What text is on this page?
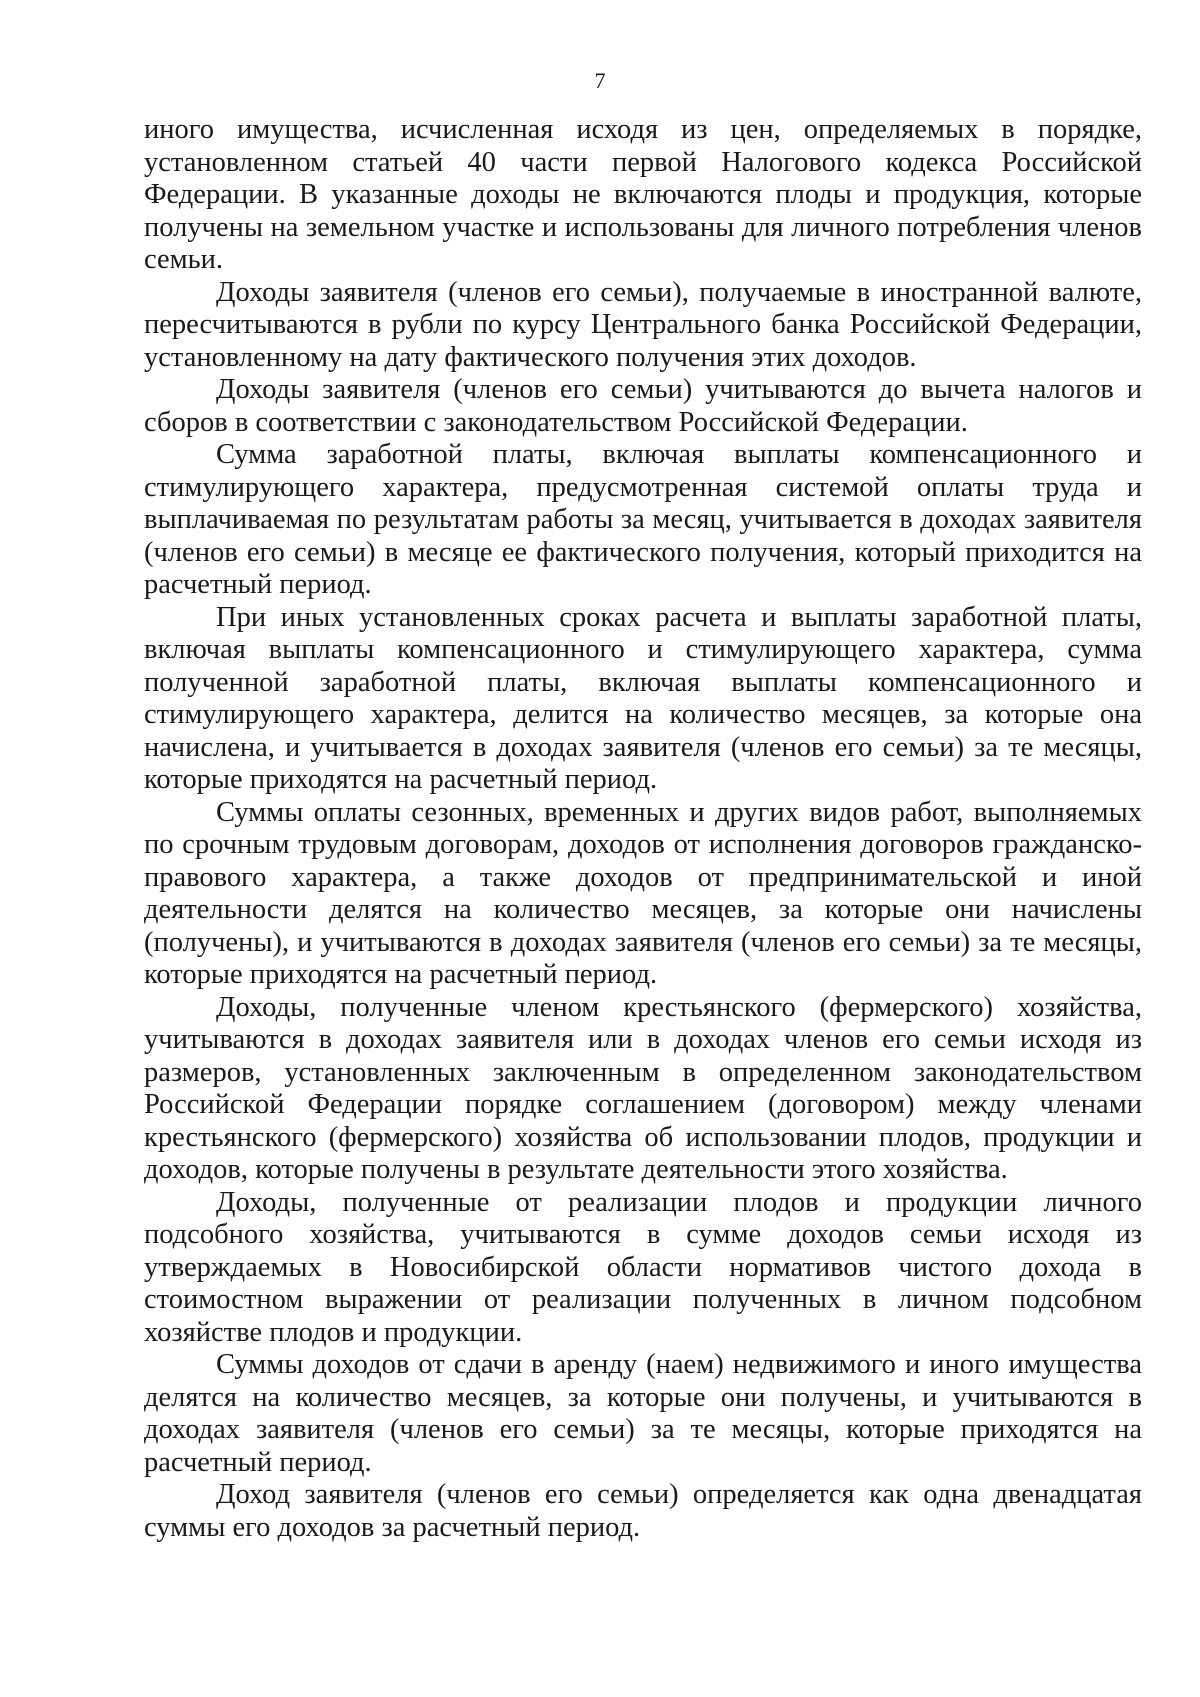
7

иного имущества, исчисленная исходя из цен, определяемых в порядке, установленном статьей 40 части первой Налогового кодекса Российской Федерации. В указанные доходы не включаются плоды и продукция, которые получены на земельном участке и использованы для личного потребления членов семьи.

Доходы заявителя (членов его семьи), получаемые в иностранной валюте, пересчитываются в рубли по курсу Центрального банка Российской Федерации, установленному на дату фактического получения этих доходов.

Доходы заявителя (членов его семьи) учитываются до вычета налогов и сборов в соответствии с законодательством Российской Федерации.

Сумма заработной платы, включая выплаты компенсационного и стимулирующего характера, предусмотренная системой оплаты труда и выплачиваемая по результатам работы за месяц, учитывается в доходах заявителя (членов его семьи) в месяце ее фактического получения, который приходится на расчетный период.

При иных установленных сроках расчета и выплаты заработной платы, включая выплаты компенсационного и стимулирующего характера, сумма полученной заработной платы, включая выплаты компенсационного и стимулирующего характера, делится на количество месяцев, за которые она начислена, и учитывается в доходах заявителя (членов его семьи) за те месяцы, которые приходятся на расчетный период.

Суммы оплаты сезонных, временных и других видов работ, выполняемых по срочным трудовым договорам, доходов от исполнения договоров гражданско-правового характера, а также доходов от предпринимательской и иной деятельности делятся на количество месяцев, за которые они начислены (получены), и учитываются в доходах заявителя (членов его семьи) за те месяцы, которые приходятся на расчетный период.

Доходы, полученные членом крестьянского (фермерского) хозяйства, учитываются в доходах заявителя или в доходах членов его семьи исходя из размеров, установленных заключенным в определенном законодательством Российской Федерации порядке соглашением (договором) между членами крестьянского (фермерского) хозяйства об использовании плодов, продукции и доходов, которые получены в результате деятельности этого хозяйства.

Доходы, полученные от реализации плодов и продукции личного подсобного хозяйства, учитываются в сумме доходов семьи исходя из утверждаемых в Новосибирской области нормативов чистого дохода в стоимостном выражении от реализации полученных в личном подсобном хозяйстве плодов и продукции.

Суммы доходов от сдачи в аренду (наем) недвижимого и иного имущества делятся на количество месяцев, за которые они получены, и учитываются в доходах заявителя (членов его семьи) за те месяцы, которые приходятся на расчетный период.

Доход заявителя (членов его семьи) определяется как одна двенадцатая суммы его доходов за расчетный период.
